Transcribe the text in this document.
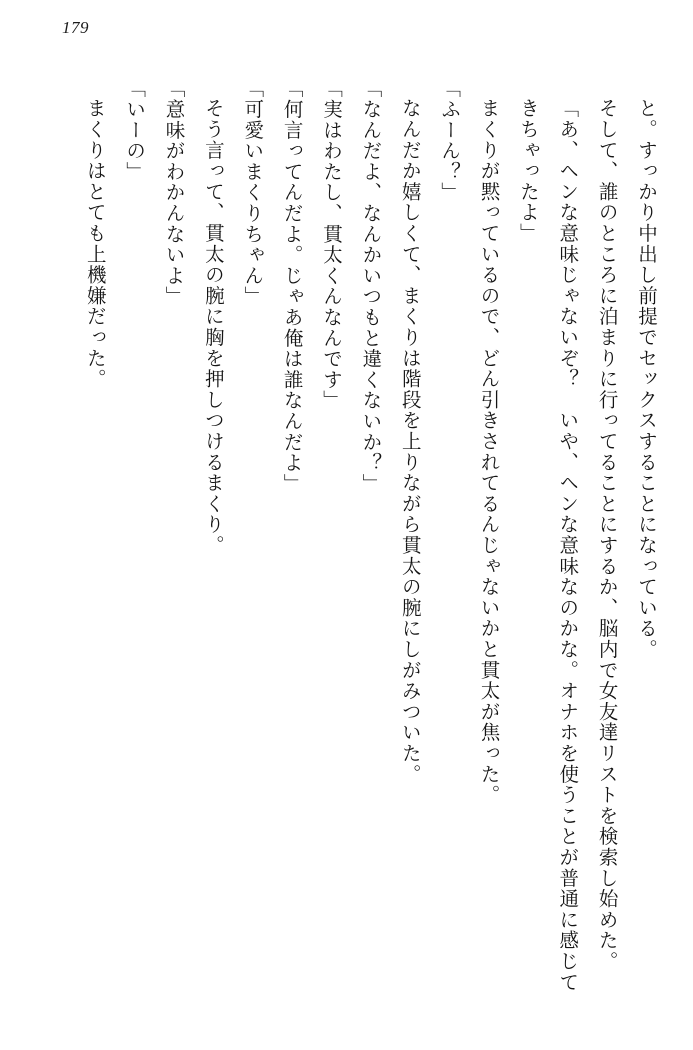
179

と。すっかり中出し前提でセックスすることになっている。

そして、誰のところに泊まりに行ってることにするか、脳内で女友達リストを検索し始めた。

「あ、ヘンな意味じゃないぞ？　いや、ヘンな意味なのかな。オナホを使うことが普通に感じてきちゃったよ」

まくりが黙っているので、どん引きされてるんじゃないかと貫太が焦った。

「ふーん？」

なんだか嬉しくて、まくりは階段を上りながら貫太の腕にしがみついた。

「なんだよ、なんかいつもと違くないか？」

「実はわたし、貫太くんなんです」

「何言ってんだよ。じゃあ俺は誰なんだよ」

「可愛いまくりちゃん」

そう言って、貫太の腕に胸を押しつけるまくり。

「意味がわかんないよ」

「いーの」

まくりはとても上機嫌だった。
